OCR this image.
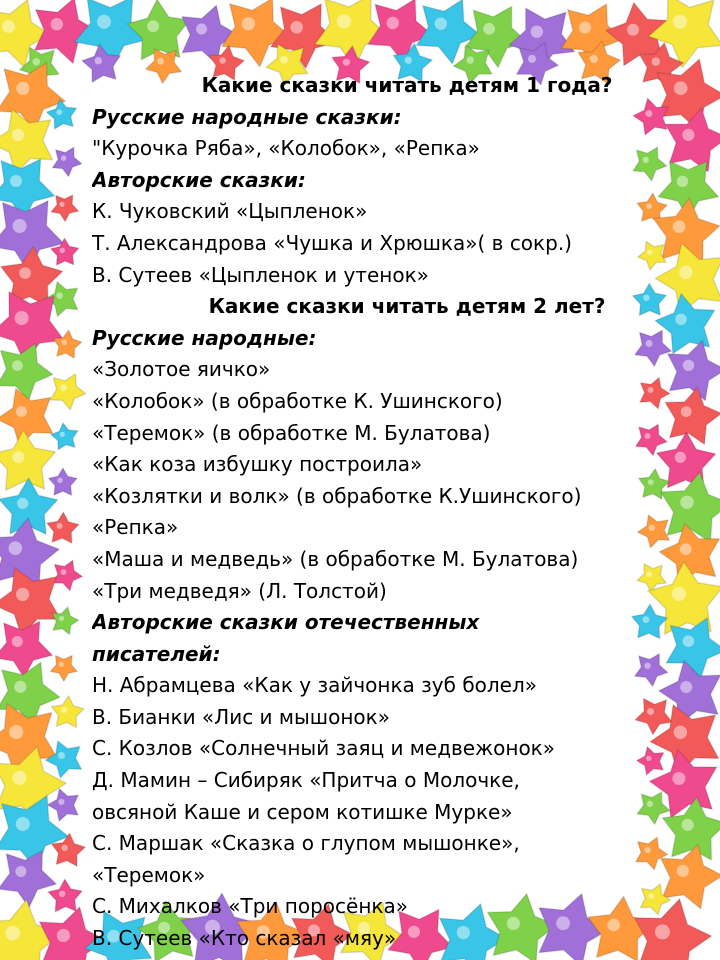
Какие сказки читать детям 1 года?
Русские народные сказки:
"Курочка Ряба», «Колобок», «Репка»
Авторские сказки:
К. Чуковский «Цыпленок»
Т. Александрова «Чушка и Хрюшка»( в сокр.)
В. Сутеев «Цыпленок и утенок»
Какие сказки читать детям 2 лет?
Русские народные:
«Золотое яичко»
«Колобок» (в обработке К. Ушинского)
«Теремок» (в обработке М. Булатова)
«Как коза избушку построила»
«Козлятки и волк» (в обработке К.Ушинского)
«Репка»
«Маша и медведь» (в обработке М. Булатова)
«Три медведя» (Л. Толстой)
Авторские сказки отечественных
писателей:
Н. Абрамцева «Как у зайчонка зуб болел»
В. Бианки «Лис и мышонок»
С. Козлов «Солнечный заяц и медвежонок»
Д. Мамин – Сибиряк «Притча о Молочке,
овсяной Каше и сером котишке Мурке»
С. Маршак «Сказка о глупом мышонке»,
«Теремок»
С. Михалков «Три поросёнка»
В. Сутеев «Кто сказал «мяу»
